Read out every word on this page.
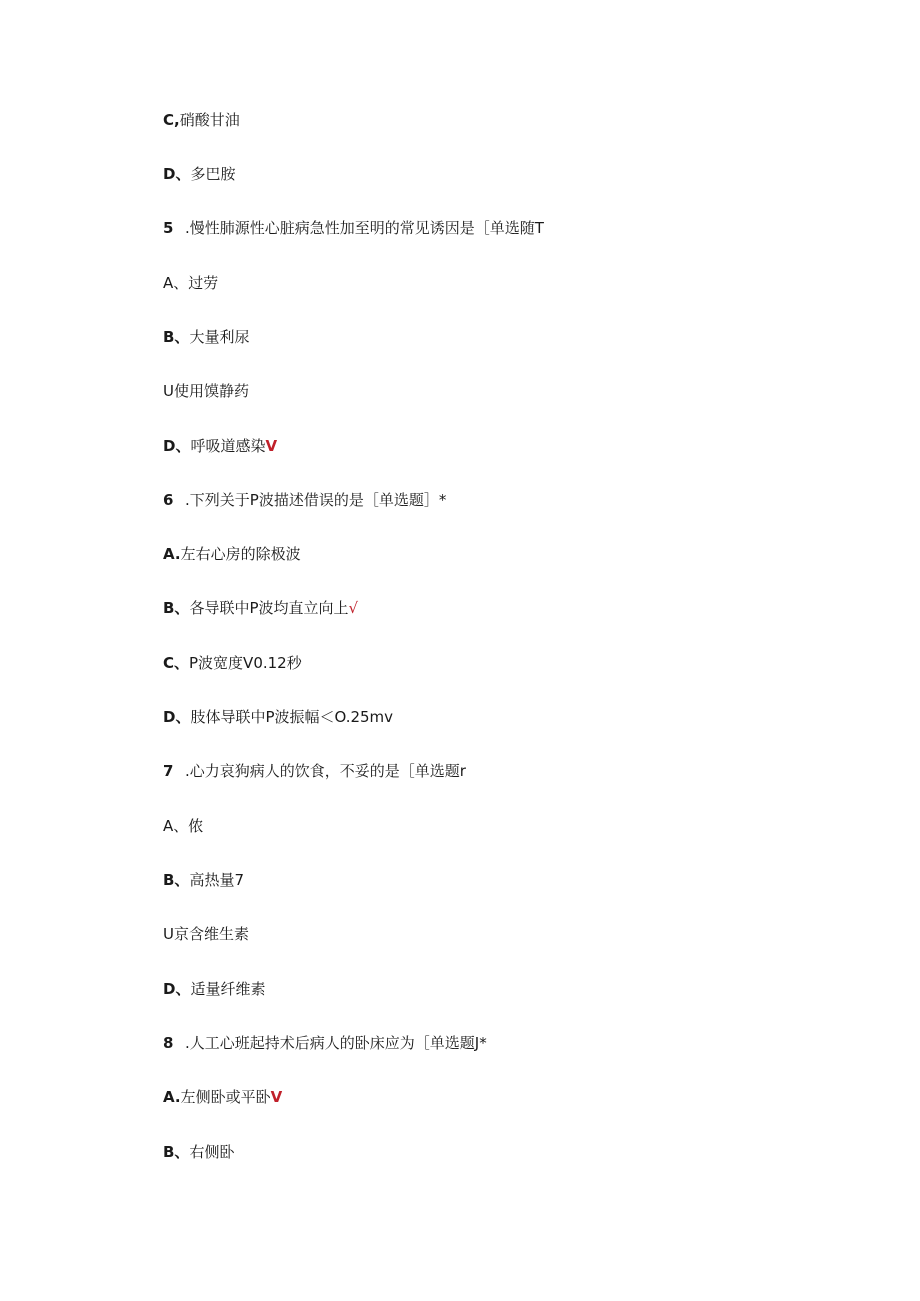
C,硝酸甘油
D、多巴胺
5 .慢性肺源性心脏病急性加至明的常见诱因是［单选随T
A、过劳
B、大量利尿
U使用馍静药
D、呼吸道感染V
6 .下列关于P波描述借误的是［单选题］*
A.左右心房的除极波
B、各导联中P波均直立向上√
C、P波宽度V0.12秒
D、肢体导联中P波振幅＜O.25mv
7 .心力哀狗病人的饮食，不妥的是［单选题r
A、侬
B、高热量7
U京含维生素
D、适量纤维素
8 .人工心班起持术后病人的卧床应为［单选题J*
A.左侧卧或平卧V
B、右侧卧
